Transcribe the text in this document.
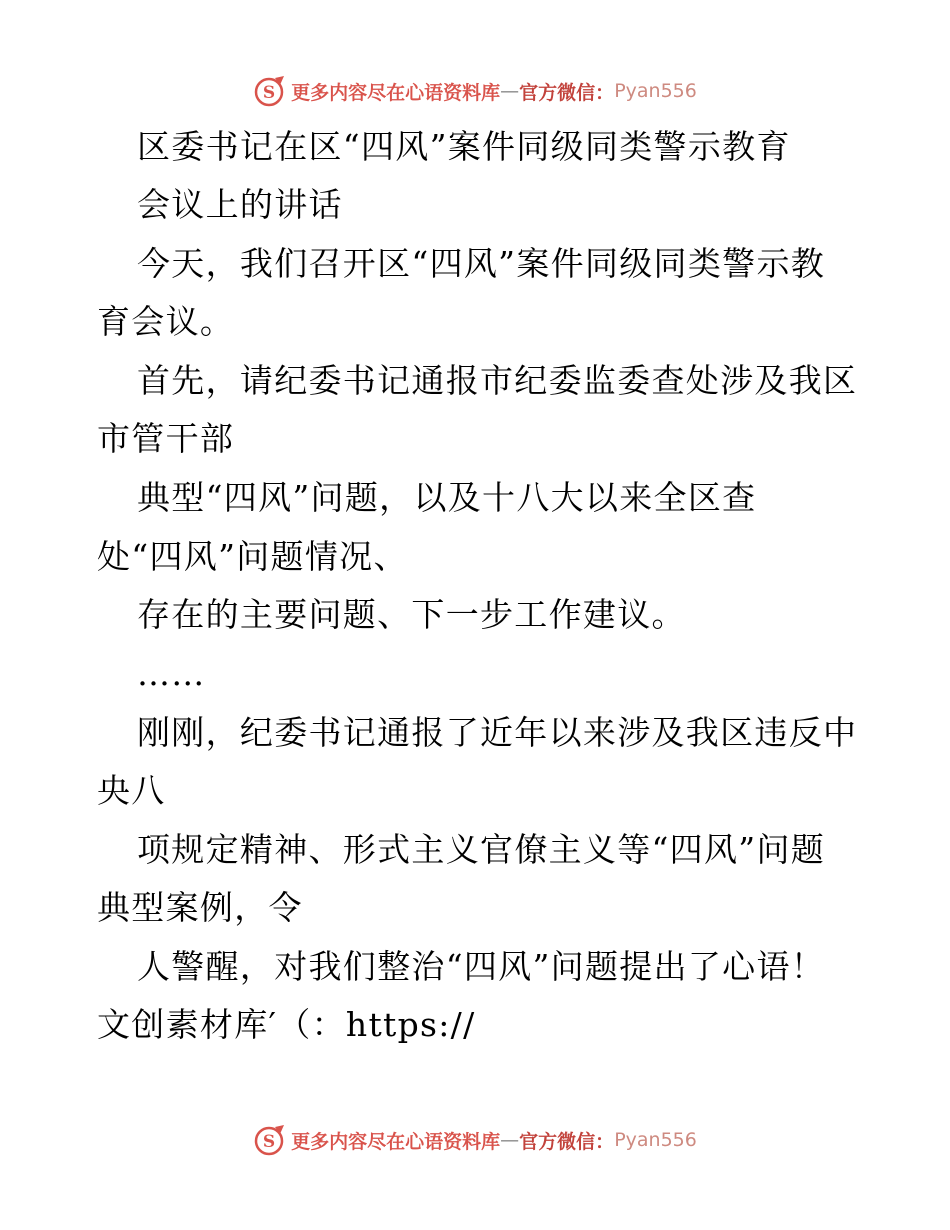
S 更多内容尽在心语资料库 — 官方微信： Pyan556

区委书记在区“四风”案件同级同类警示教育

会议上的讲话

今天，我们召开区“四风”案件同级同类警示教

育会议。

首先，请纪委书记通报市纪委监委查处涉及我区

市管干部

典型“四风”问题，以及十八大以来全区查

处“四风”问题情况、

存在的主要问题、下一步工作建议。

……

刚刚，纪委书记通报了近年以来涉及我区违反中

央八

项规定精神、形式主义官僚主义等“四风”问题

典型案例，令

人警醒，对我们整治“四风”问题提出了心语！

文创素材库′（：https://

S 更多内容尽在心语资料库 — 官方微信： Pyan556
